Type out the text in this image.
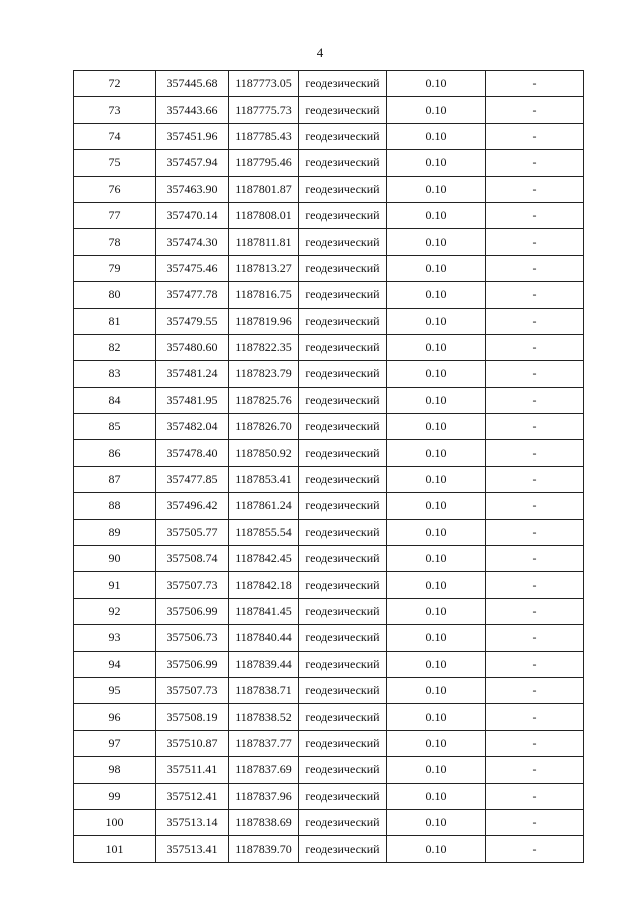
4
72	357445.68	1187773.05	геодезический	0.10	-
73	357443.66	1187775.73	геодезический	0.10	-
74	357451.96	1187785.43	геодезический	0.10	-
75	357457.94	1187795.46	геодезический	0.10	-
76	357463.90	1187801.87	геодезический	0.10	-
77	357470.14	1187808.01	геодезический	0.10	-
78	357474.30	1187811.81	геодезический	0.10	-
79	357475.46	1187813.27	геодезический	0.10	-
80	357477.78	1187816.75	геодезический	0.10	-
81	357479.55	1187819.96	геодезический	0.10	-
82	357480.60	1187822.35	геодезический	0.10	-
83	357481.24	1187823.79	геодезический	0.10	-
84	357481.95	1187825.76	геодезический	0.10	-
85	357482.04	1187826.70	геодезический	0.10	-
86	357478.40	1187850.92	геодезический	0.10	-
87	357477.85	1187853.41	геодезический	0.10	-
88	357496.42	1187861.24	геодезический	0.10	-
89	357505.77	1187855.54	геодезический	0.10	-
90	357508.74	1187842.45	геодезический	0.10	-
91	357507.73	1187842.18	геодезический	0.10	-
92	357506.99	1187841.45	геодезический	0.10	-
93	357506.73	1187840.44	геодезический	0.10	-
94	357506.99	1187839.44	геодезический	0.10	-
95	357507.73	1187838.71	геодезический	0.10	-
96	357508.19	1187838.52	геодезический	0.10	-
97	357510.87	1187837.77	геодезический	0.10	-
98	357511.41	1187837.69	геодезический	0.10	-
99	357512.41	1187837.96	геодезический	0.10	-
100	357513.14	1187838.69	геодезический	0.10	-
101	357513.41	1187839.70	геодезический	0.10	-
